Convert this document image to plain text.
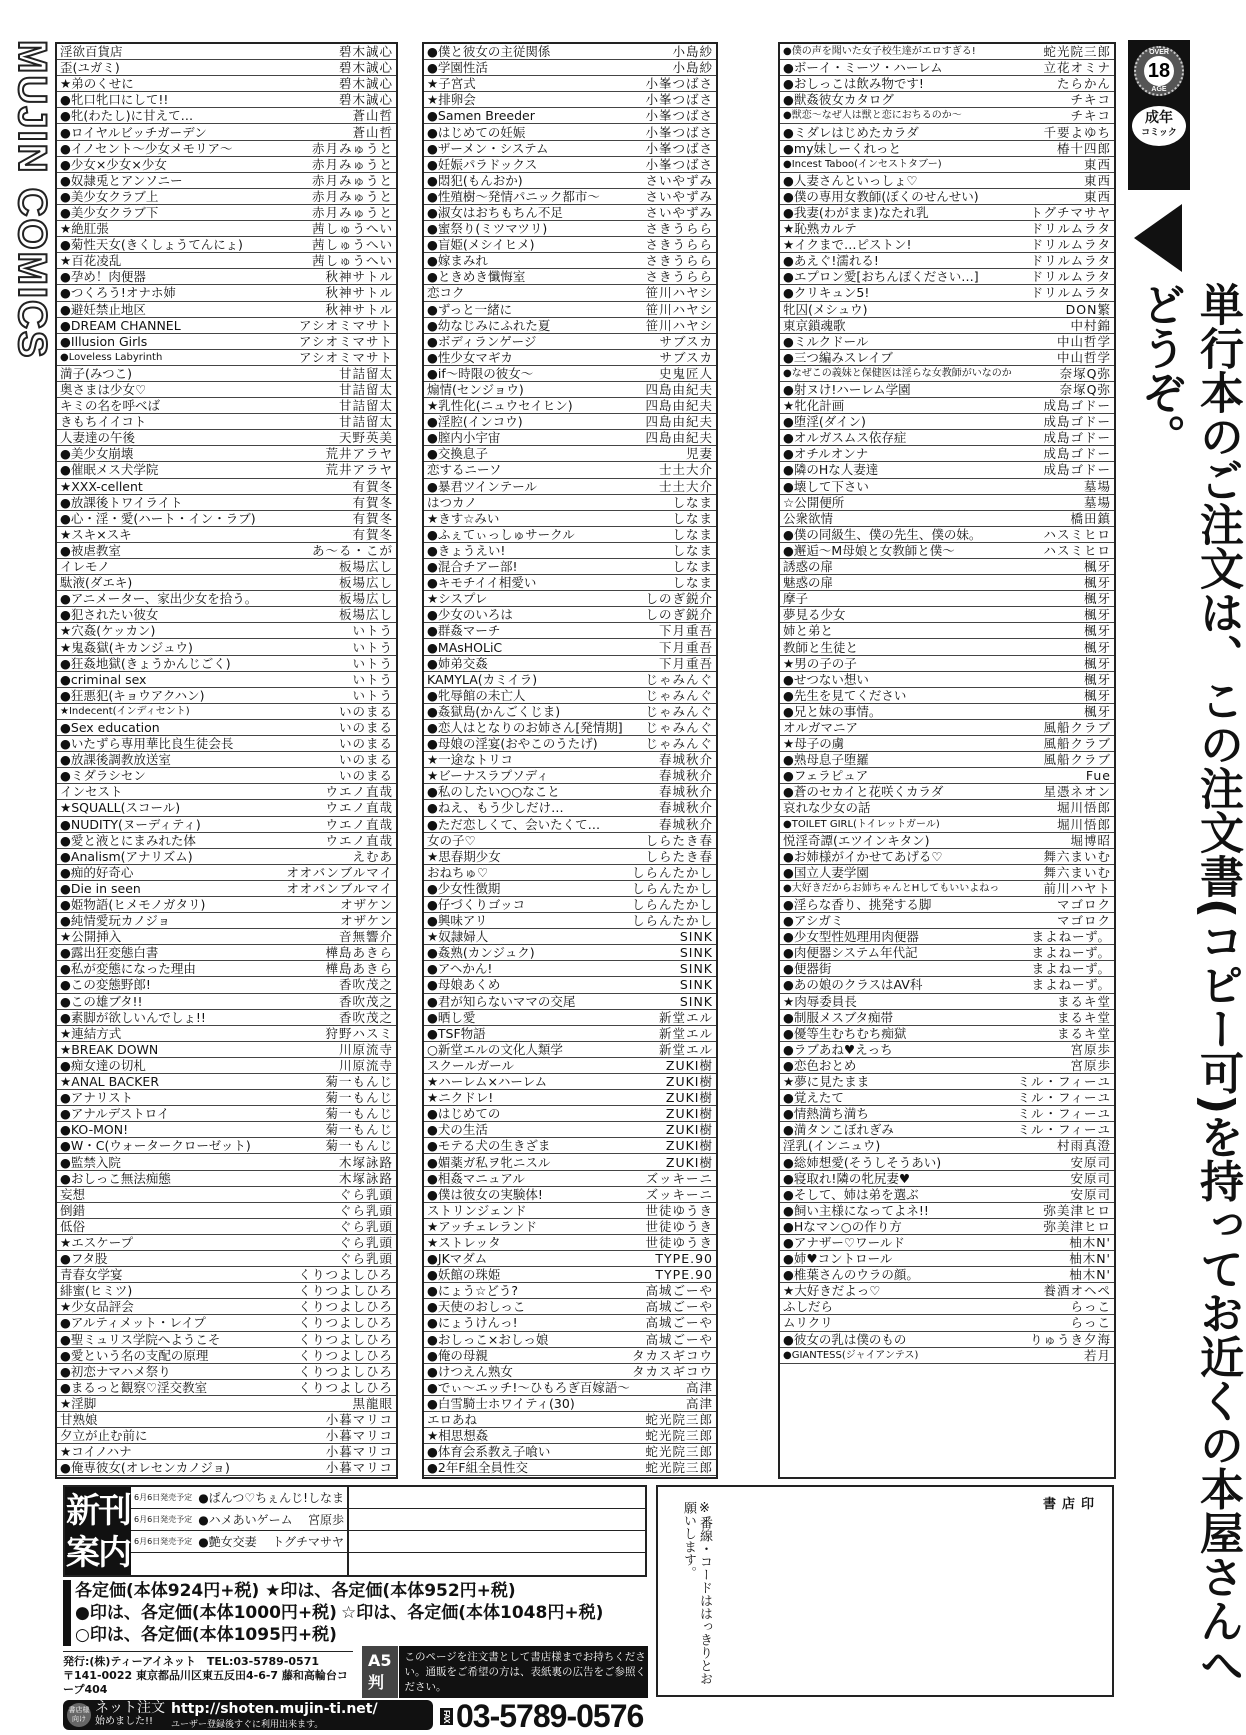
MUJIN COMICS 淫欲百貨店	碧木誠心
歪(ユガミ)	碧木誠心
★弟のくせに	碧木誠心
●牝口牝口にして!!	碧木誠心
●牝(わたし)に甘えて…	蒼山哲
●ロイヤルビッチガーデン	蒼山哲
●イノセント～少女メモリア～	赤月みゅうと
●少女×少女×少女	赤月みゅうと
●奴隷兎とアンソニー	赤月みゅうと
●美少女クラブ上	赤月みゅうと
●美少女クラブ下	赤月みゅうと
★絶肛張	茜しゅうへい
●菊性天女(きくしょうてんにょ)	茜しゅうへい
★百花凌乱	茜しゅうへい
●孕め！肉便器	秋神サトル
●つくろう!オナホ姉	秋神サトル
●避妊禁止地区	秋神サトル
●DREAM CHANNEL	アシオミマサト
●Illusion Girls	アシオミマサト
●Loveless Labyrinth	アシオミマサト
満子(みつこ)	甘詰留太
奥さまは少女♡	甘詰留太
キミの名を呼べば	甘詰留太
きもちイイコト	甘詰留太
人妻達の午後	天野英美
●美少女崩壊	荒井アラヤ
●催眠メス犬学院	荒井アラヤ
★XXX-cellent	有賀冬
●放課後トワイライト	有賀冬
●心・淫・愛(ハート・イン・ラブ)	有賀冬
★スキ×スキ	有賀冬
●被虐教室	あ～る・こが
イレモノ	板場広し
駄液(ダエキ)	板場広し
●アニメーター、家出少女を拾う。	板場広し
●犯されたい彼女	板場広し
★穴姦(ケッカン)	いトう
★鬼姦獄(キカンジュウ)	いトう
●狂姦地獄(きょうかんじごく)	いトう
●criminal sex	いトう
●狂悪犯(キョウアクハン)	いトう
★Indecent(インディセント)	いのまる
●Sex education	いのまる
●いたずら専用華比良生徒会長	いのまる
●放課後調教放送室	いのまる
●ミダラシセン	いのまる
インセスト	ウエノ直哉
★SQUALL(スコール)	ウエノ直哉
●NUDITY(ヌーディティ)	ウエノ直哉
●愛と液とにまみれた体	ウエノ直哉
●Analism(アナリズム)	えむあ
●痴的好奇心	オオバンブルマイ
●Die in seen	オオバンブルマイ
●姫物語(ヒメモノガタリ)	オザケン
●純情愛玩カノジョ	オザケン
★公開挿入	音無響介
●露出狂変態白書	樺島あきら
●私が変態になった理由	樺島あきら
●この変態野郎!	香吹茂之
●この雄ブタ!!	香吹茂之
●素脚が欲しいんでしょ!!	香吹茂之
★連結方式	狩野ハスミ
★BREAK DOWN	川原流寺
●痴女達の切札	川原流寺
★ANAL BACKER	菊一もんじ
●アナリスト	菊一もんじ
●アナルデストロイ	菊一もんじ
●KO-MON!	菊一もんじ
●W・C(ウォータークローゼット)	菊一もんじ
●監禁入院	木塚詠路
●おしっこ無法痴態	木塚詠路
妄想	ぐら乳頭
倒錯	ぐら乳頭
低俗	ぐら乳頭
★エスケープ	ぐら乳頭
●フタ股	ぐら乳頭
青春女学宴	くりつよしひろ
緋蜜(ヒミツ)	くりつよしひろ
★少女品評会	くりつよしひろ
●アルティメット・レイプ	くりつよしひろ
●聖ミュリス学院へようこそ	くりつよしひろ
●愛という名の支配の原理	くりつよしひろ
●初恋ナマハメ祭り	くりつよしひろ
●まるっと観察♡淫交教室	くりつよしひろ
★淫脚	黒龍眼
甘熟娘	小暮マリコ
夕立が止む前に	小暮マリコ
★コイノハナ	小暮マリコ
●俺専彼女(オレセンカノジョ)	小暮マリコ
●僕と彼女の主従関係	小島紗
●学園性活	小島紗
★子宮式	小峯つばさ
★排卵会	小峯つばさ
●Samen Breeder	小峯つばさ
●はじめての妊娠	小峯つばさ
●ザーメン・システム	小峯つばさ
●妊娠パラドックス	小峯つばさ
●悶犯(もんおか)	さいやずみ
●性殖樹～発情パニック都市～	さいやずみ
●淑女はおちもちん不足	さいやずみ
●蜜祭り(ミツマツリ)	さきうらら
●盲姫(メシイヒメ)	さきうらら
●嫁まみれ	さきうらら
●ときめき懺悔室	さきうらら
恋コク	笹川ハヤシ
●ずっと一緒に	笹川ハヤシ
●幼なじみにふれた夏	笹川ハヤシ
●ボディランゲージ	サブスカ
●性少女マギカ	サブスカ
●if～時限の彼女～	史鬼匠人
煽情(センジョウ)	四島由紀夫
★乳性化(ニュウセイヒン)	四島由紀夫
●淫腔(インコウ)	四島由紀夫
●膣内小宇宙	四島由紀夫
●交換息子	児妻
恋するニーソ	士土大介
●暴君ツインテール	士土大介
はつカノ	しなま
★きす☆みい	しなま
●ふぇてぃっしゅサークル	しなま
●きょうえい!	しなま
●混合チアー部!	しなま
●キモチイイ相愛い	しなま
★シスプレ	しのぎ鋭介
●少女のいろは	しのぎ鋭介
●群姦マーチ	下月重吾
●MAsHOLiC	下月重吾
●姉弟交姦	下月重吾
KAMYLA(カミイラ)	じゃみんぐ
●牝辱館の未亡人	じゃみんぐ
●姦獄島(かんごくじま)	じゃみんぐ
●恋人はとなりのお姉さん[発情期]	じゃみんぐ
●母娘の淫宴(おやこのうたげ)	じゃみんぐ
★一途なトリコ	春城秋介
★ビーナスラプソディ	春城秋介
●私のしたい○○なこと	春城秋介
●ねえ、もう少しだけ…	春城秋介
●ただ恋しくて、会いたくて…	春城秋介
女の子♡	しらたき春
★思春期少女	しらたき春
おねちゅ♡	しらんたかし
●少女性徴期	しらんたかし
●仔づくりゴッコ	しらんたかし
●興味アリ	しらんたかし
★奴隷婦人	SINK
●姦熟(カンジュク)	SINK
●アヘかん!	SINK
●母娘あくめ	SINK
●君が知らないママの交尾	SINK
●晒し愛	新堂エル
●TSF物語	新堂エル
○新堂エルの文化人類学	新堂エル
スクールガール	ZUKI樹
★ハーレム×ハーレム	ZUKI樹
★ニクドレ!	ZUKI樹
●はじめての	ZUKI樹
●犬の生活	ZUKI樹
●モテる犬の生きざま	ZUKI樹
●媚薬ガ私ヲ牝ニスル	ZUKI樹
●相姦マニュアル	ズッキーニ
●僕は彼女の実験体!	ズッキーニ
ストリンジェンド	世徒ゆうき
★アッチェレランド	世徒ゆうき
★ストレッタ	世徒ゆうき
●JKマダム	TYPE.90
●妖館の珠姫	TYPE.90
●にょう☆どう?	高城ごーや
●天使のおしっこ	高城ごーや
●にょうけんっ!	高城ごーや
●おしっこ×おしっ娘	高城ごーや
●俺の母親	タカスギコウ
●けつえん熟女	タカスギコウ
●でぃ～エッチ!～ひもろぎ百嫁語～	高津
●白雪騎士ホワイティ(30)	高津
エロあね	蛇光院三郎
★相思想姦	蛇光院三郎
●体育会系教え子喰い	蛇光院三郎
●2年F組全員性交	蛇光院三郎
●僕の声を聞いた女子校生達がエロすぎる!	蛇光院三郎
●ボーイ・ミーツ・ハーレム	立花オミナ
●おしっこは飲み物です!	たらかん
●獣姦彼女カタログ	チキコ
●獣恋～なぜ人は獣と恋におちるのか～	チキコ
●ミダレはじめたカラダ	千要よゆち
●my妹しーくれっと	椿十四郎
●Incest Taboo(インセストタブー)	東西
●人妻さんといっしょ♡	東西
●僕の専用女教師(ぼくのせんせい)	東西
●我妻(わがまま)なたれ乳	トグチマサヤ
★恥熟カルテ	ドリルムラタ
★イクまで…ピストン!	ドリルムラタ
●あえぐ!濡れる!	ドリルムラタ
●エプロン愛[おちんぽください…]	ドリルムラタ
●クリキュン5!	ドリルムラタ
牝囚(メシュウ)	DON繁
東京鎖魂歌	中村錦
●ミルクドール	中山哲学
●三つ編みスレイブ	中山哲学
●なぜこの義妹と保健医は淫らな女教師がいなのか	奈塚Q弥
●射ヌけ!ハーレム学園	奈塚Q弥
★牝化計画	成島ゴドー
●堕淫(ダイン)	成島ゴドー
●オルガスムス依存症	成島ゴドー
●オチルオンナ	成島ゴドー
●隣のHな人妻達	成島ゴドー
●壊して下さい	墓場
☆公開便所	墓場
公衆欲情	橋田鎮
●僕の同級生、僕の先生、僕の妹。	ハスミヒロ
●邂逅～M母娘と女教師と僕～	ハスミヒロ
誘惑の扉	楓牙
魅惑の扉	楓牙
摩子	楓牙
夢見る少女	楓牙
姉と弟と	楓牙
教師と生徒と	楓牙
★男の子の子	楓牙
●せつない想い	楓牙
●先生を見てください	楓牙
●兄と妹の事情。	楓牙
オルガマニア	風船クラブ
★母子の虜	風船クラブ
●熟母息子堕羅	風船クラブ
●フェラピュア	Fue
●蒼のセカイと花咲くカラダ	星憑ネオン
哀れな少女の話	堀川悟郎
●TOILET GIRL(トイレットガール)	堀川悟郎
悦淫奇譚(エツインキタン)	堀博昭
●お姉様がイかせてあげる♡	舞六まいむ
●国立人妻学園	舞六まいむ
●大好きだからお姉ちゃんとHしてもいいよねっ	前川ハヤト
●淫らな香り、挑発する脚	マゴロク
●アシガミ	マゴロク
●少女型性処理用肉便器	まよねーず。
●肉便器システム年代記	まよねーず。
●便器街	まよねーず。
●あの娘のクラスはAV科	まよねーず。
★肉辱委員長	まるキ堂
●制服メスブタ痴帯	まるキ堂
●優等生むちむち痴獄	まるキ堂
●ラブあね♥えっち	宮原歩
●恋色おとめ	宮原歩
★夢に見たまま	ミル・フィーユ
●覚えたて	ミル・フィーユ
●情熱満ち満ち	ミル・フィーユ
●満タンこぼれぎみ	ミル・フィーユ
淫乳(インニュウ)	村雨真澄
●総姉想愛(そうしそうあい)	安原司
●寝取れ!隣の牝尻妻♥	安原司
●そして、姉は弟を選ぶ	安原司
●飼い主様になってよネ!!	弥美津ヒロ
●Hなマン○の作り方	弥美津ヒロ
●アナザー♡ワールド	柚木N'
●姉♥コントロール	柚木N'
●椎葉さんのウラの顔。	柚木N'
★大好きだよっ♡	養酒オヘペ
ふしだら	らっこ
ムリクリ	らっこ
●彼女の乳は僕のもの	りゅうき夕海
●GIANTESS(ジャイアンテス)	若月
OVER
18
AGE
成年
コミック
単行本のご注文は、この注文書(コピー可)を持ってお近くの本屋さんへどうぞ。
新刊案内
6月6日発売予定 ●ぱんつ♡ちぇんじ! しなま
6月6日発売予定 ●ハメあいゲーム	宮原歩
6月6日発売予定 ●艶女交妻	トグチマサヤ
書店印
※番線・コードははっきりとお願いします。
各定価(本体924円+税) ★印は、各定価(本体952円+税)
●印は、各定価(本体1000円+税) ☆印は、各定価(本体1048円+税)
○印は、各定価(本体1095円+税)
発行:(株)ティーアイネット　TEL:03-5789-0571
〒141-0022 東京都品川区東五反田4-6-7 藤和高輪台コープ404
A5判
このページを注文書として書店様までお持ちください。通販をご希望の方は、表紙裏の広告をご参照ください。
書店様向け
ネット注文
始めました!!
http://shoten.mujin-ti.net/
ユーザー登録後すぐに利用出来ます。
FAX 03-5789-0576
